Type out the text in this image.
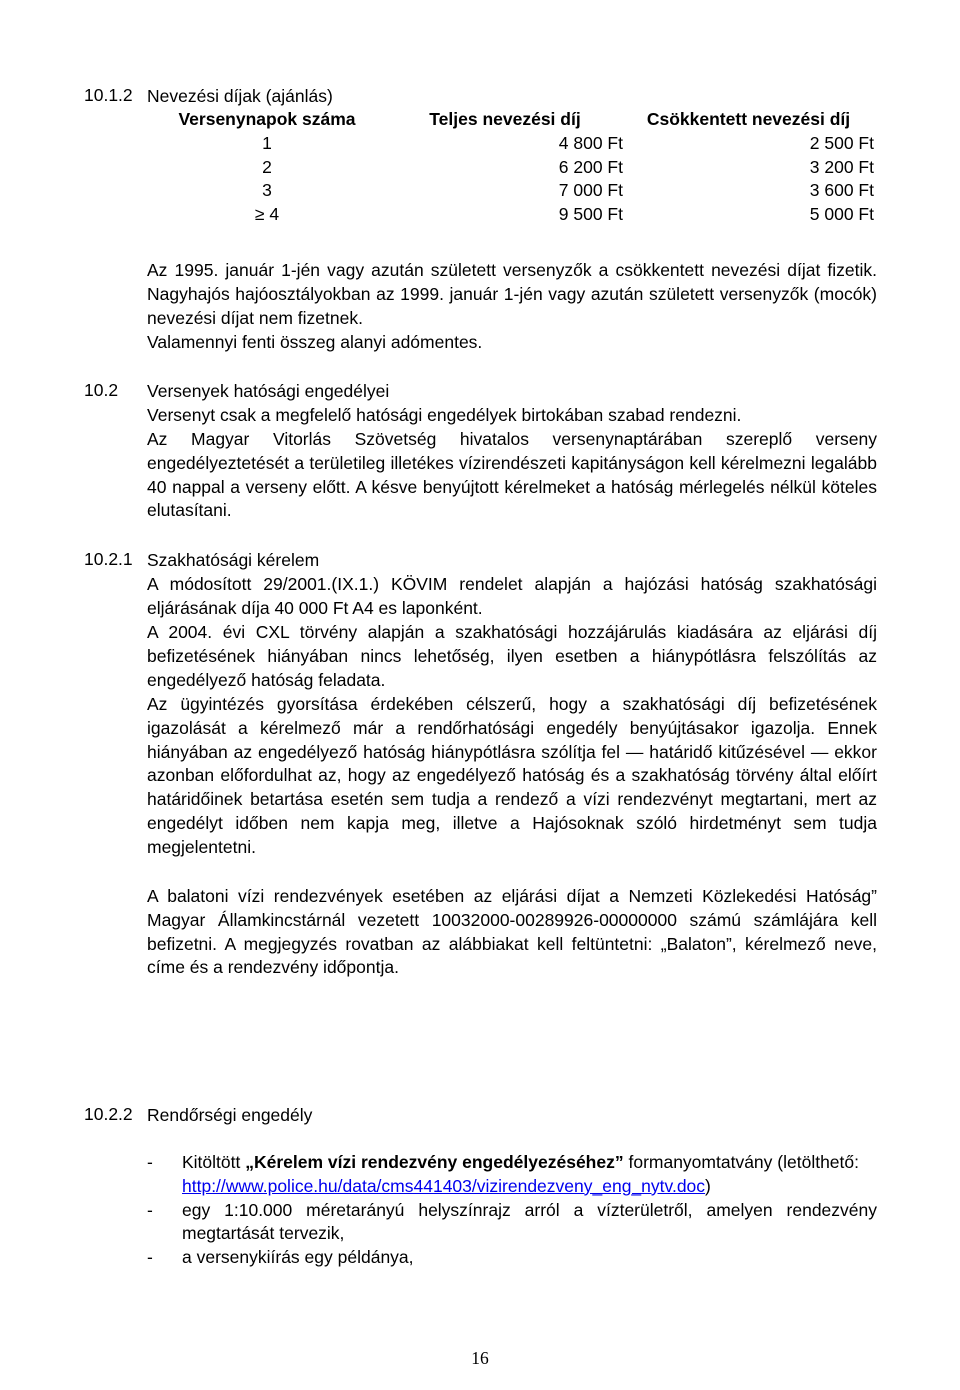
10.1.2 Nevezési díjak (ajánlás)
Versenynapok száma	Teljes nevezési díj	Csökkentett nevezési díj
1	4 800 Ft	2 500 Ft
2	6 200 Ft	3 200 Ft
3	7 000 Ft	3 600 Ft
≥ 4	9 500 Ft	5 000 Ft
Az 1995. január 1-jén vagy azután született versenyzők a csökkentett nevezési díjat fizetik. Nagyhajós hajóosztályokban az 1999. január 1-jén vagy azután született versenyzők (mocók) nevezési díjat nem fizetnek.
Valamennyi fenti összeg alanyi adómentes.
10.2 Versenyek hatósági engedélyei
Versenyt csak a megfelelő hatósági engedélyek birtokában szabad rendezni.
Az Magyar Vitorlás Szövetség hivatalos versenynaptárában szereplő verseny engedélyeztetését a területileg illetékes vízirendészeti kapitányságon kell kérelmezni legalább 40 nappal a verseny előtt. A késve benyújtott kérelmeket a hatóság mérlegelés nélkül köteles elutasítani.
10.2.1 Szakhatósági kérelem
A módosított 29/2001.(IX.1.) KÖVIM rendelet alapján a hajózási hatóság szakhatósági eljárásának díja 40 000 Ft A4 es laponként.
A 2004. évi CXL törvény alapján a szakhatósági hozzájárulás kiadására az eljárási díj befizetésének hiányában nincs lehetőség, ilyen esetben a hiánypótlásra felszólítás az engedélyező hatóság feladata.
Az ügyintézés gyorsítása érdekében célszerű, hogy a szakhatósági díj befizetésének igazolását a kérelmező már a rendőrhatósági engedély benyújtásakor igazolja. Ennek hiányában az engedélyező hatóság hiánypótlásra szólítja fel — határidő kitűzésével — ekkor azonban előfordulhat az, hogy az engedélyező hatóság és a szakhatóság törvény által előírt határidőinek betartása esetén sem tudja a rendező a vízi rendezvényt megtartani, mert az engedélyt időben nem kapja meg, illetve a Hajósoknak szóló hirdetményt sem tudja megjelentetni.
A balatoni vízi rendezvények esetében az eljárási díjat a Nemzeti Közlekedési Hatóság” Magyar Államkincstárnál vezetett 10032000-00289926-00000000 számú számlájára kell befizetni. A megjegyzés rovatban az alábbiakat kell feltüntetni: „Balaton”, kérelmező neve, címe és a rendezvény időpontja.
10.2.2 Rendőrségi engedély
- Kitöltött „Kérelem vízi rendezvény engedélyezéséhez” formanyomtatvány (letölthető:
http://www.police.hu/data/cms441403/vizirendezveny_eng_nytv.doc)
- egy 1:10.000 méretarányú helyszínrajz arról a vízterületről, amelyen rendezvény megtartását tervezik,
- a versenykiírás egy példánya,
16
